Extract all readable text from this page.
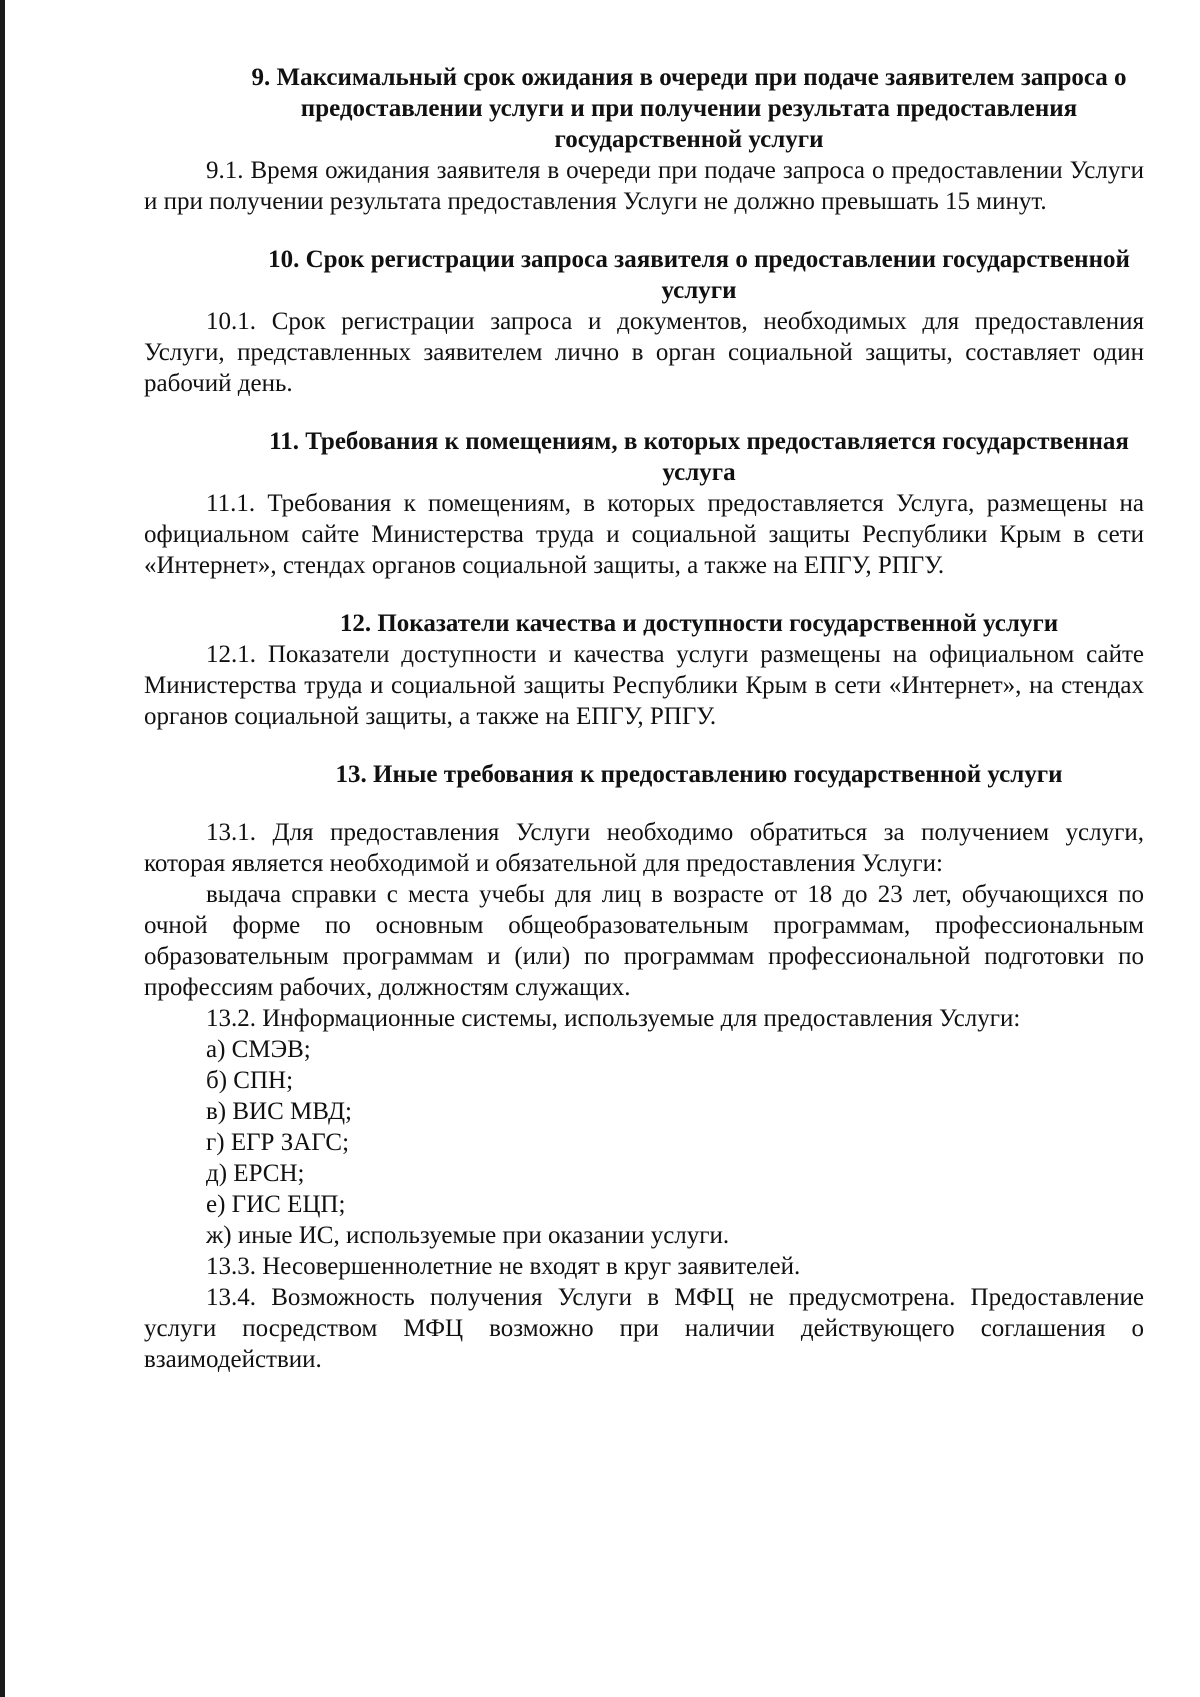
9. Максимальный срок ожидания в очереди при подаче заявителем запроса о предоставлении услуги и при получении результата предоставления государственной услуги

9.1. Время ожидания заявителя в очереди при подаче запроса о предоставлении Услуги и при получении результата предоставления Услуги не должно превышать 15 минут.

10. Срок регистрации запроса заявителя о предоставлении государственной услуги

10.1. Срок регистрации запроса и документов, необходимых для предоставления Услуги, представленных заявителем лично в орган социальной защиты, составляет один рабочий день.

11. Требования к помещениям, в которых предоставляется государственная услуга

11.1. Требования к помещениям, в которых предоставляется Услуга, размещены на официальном сайте Министерства труда и социальной защиты Республики Крым в сети «Интернет», стендах органов социальной защиты, а также на ЕПГУ, РПГУ.

12. Показатели качества и доступности государственной услуги

12.1. Показатели доступности и качества услуги размещены на официальном сайте Министерства труда и социальной защиты Республики Крым в сети «Интернет», на стендах органов социальной защиты, а также на ЕПГУ, РПГУ.

13. Иные требования к предоставлению государственной услуги

13.1. Для предоставления Услуги необходимо обратиться за получением услуги, которая является необходимой и обязательной для предоставления Услуги:

выдача справки с места учебы для лиц в возрасте от 18 до 23 лет, обучающихся по очной форме по основным общеобразовательным программам, профессиональным образовательным программам и (или) по программам профессиональной подготовки по профессиям рабочих, должностям служащих.

13.2. Информационные системы, используемые для предоставления Услуги:

а) СМЭВ;
б) СПН;
в) ВИС МВД;
г) ЕГР ЗАГС;
д) ЕРСН;
е) ГИС ЕЦП;
ж) иные ИС, используемые при оказании услуги.

13.3. Несовершеннолетние не входят в круг заявителей.

13.4. Возможность получения Услуги в МФЦ не предусмотрена. Предоставление услуги посредством МФЦ возможно при наличии действующего соглашения о взаимодействии.
